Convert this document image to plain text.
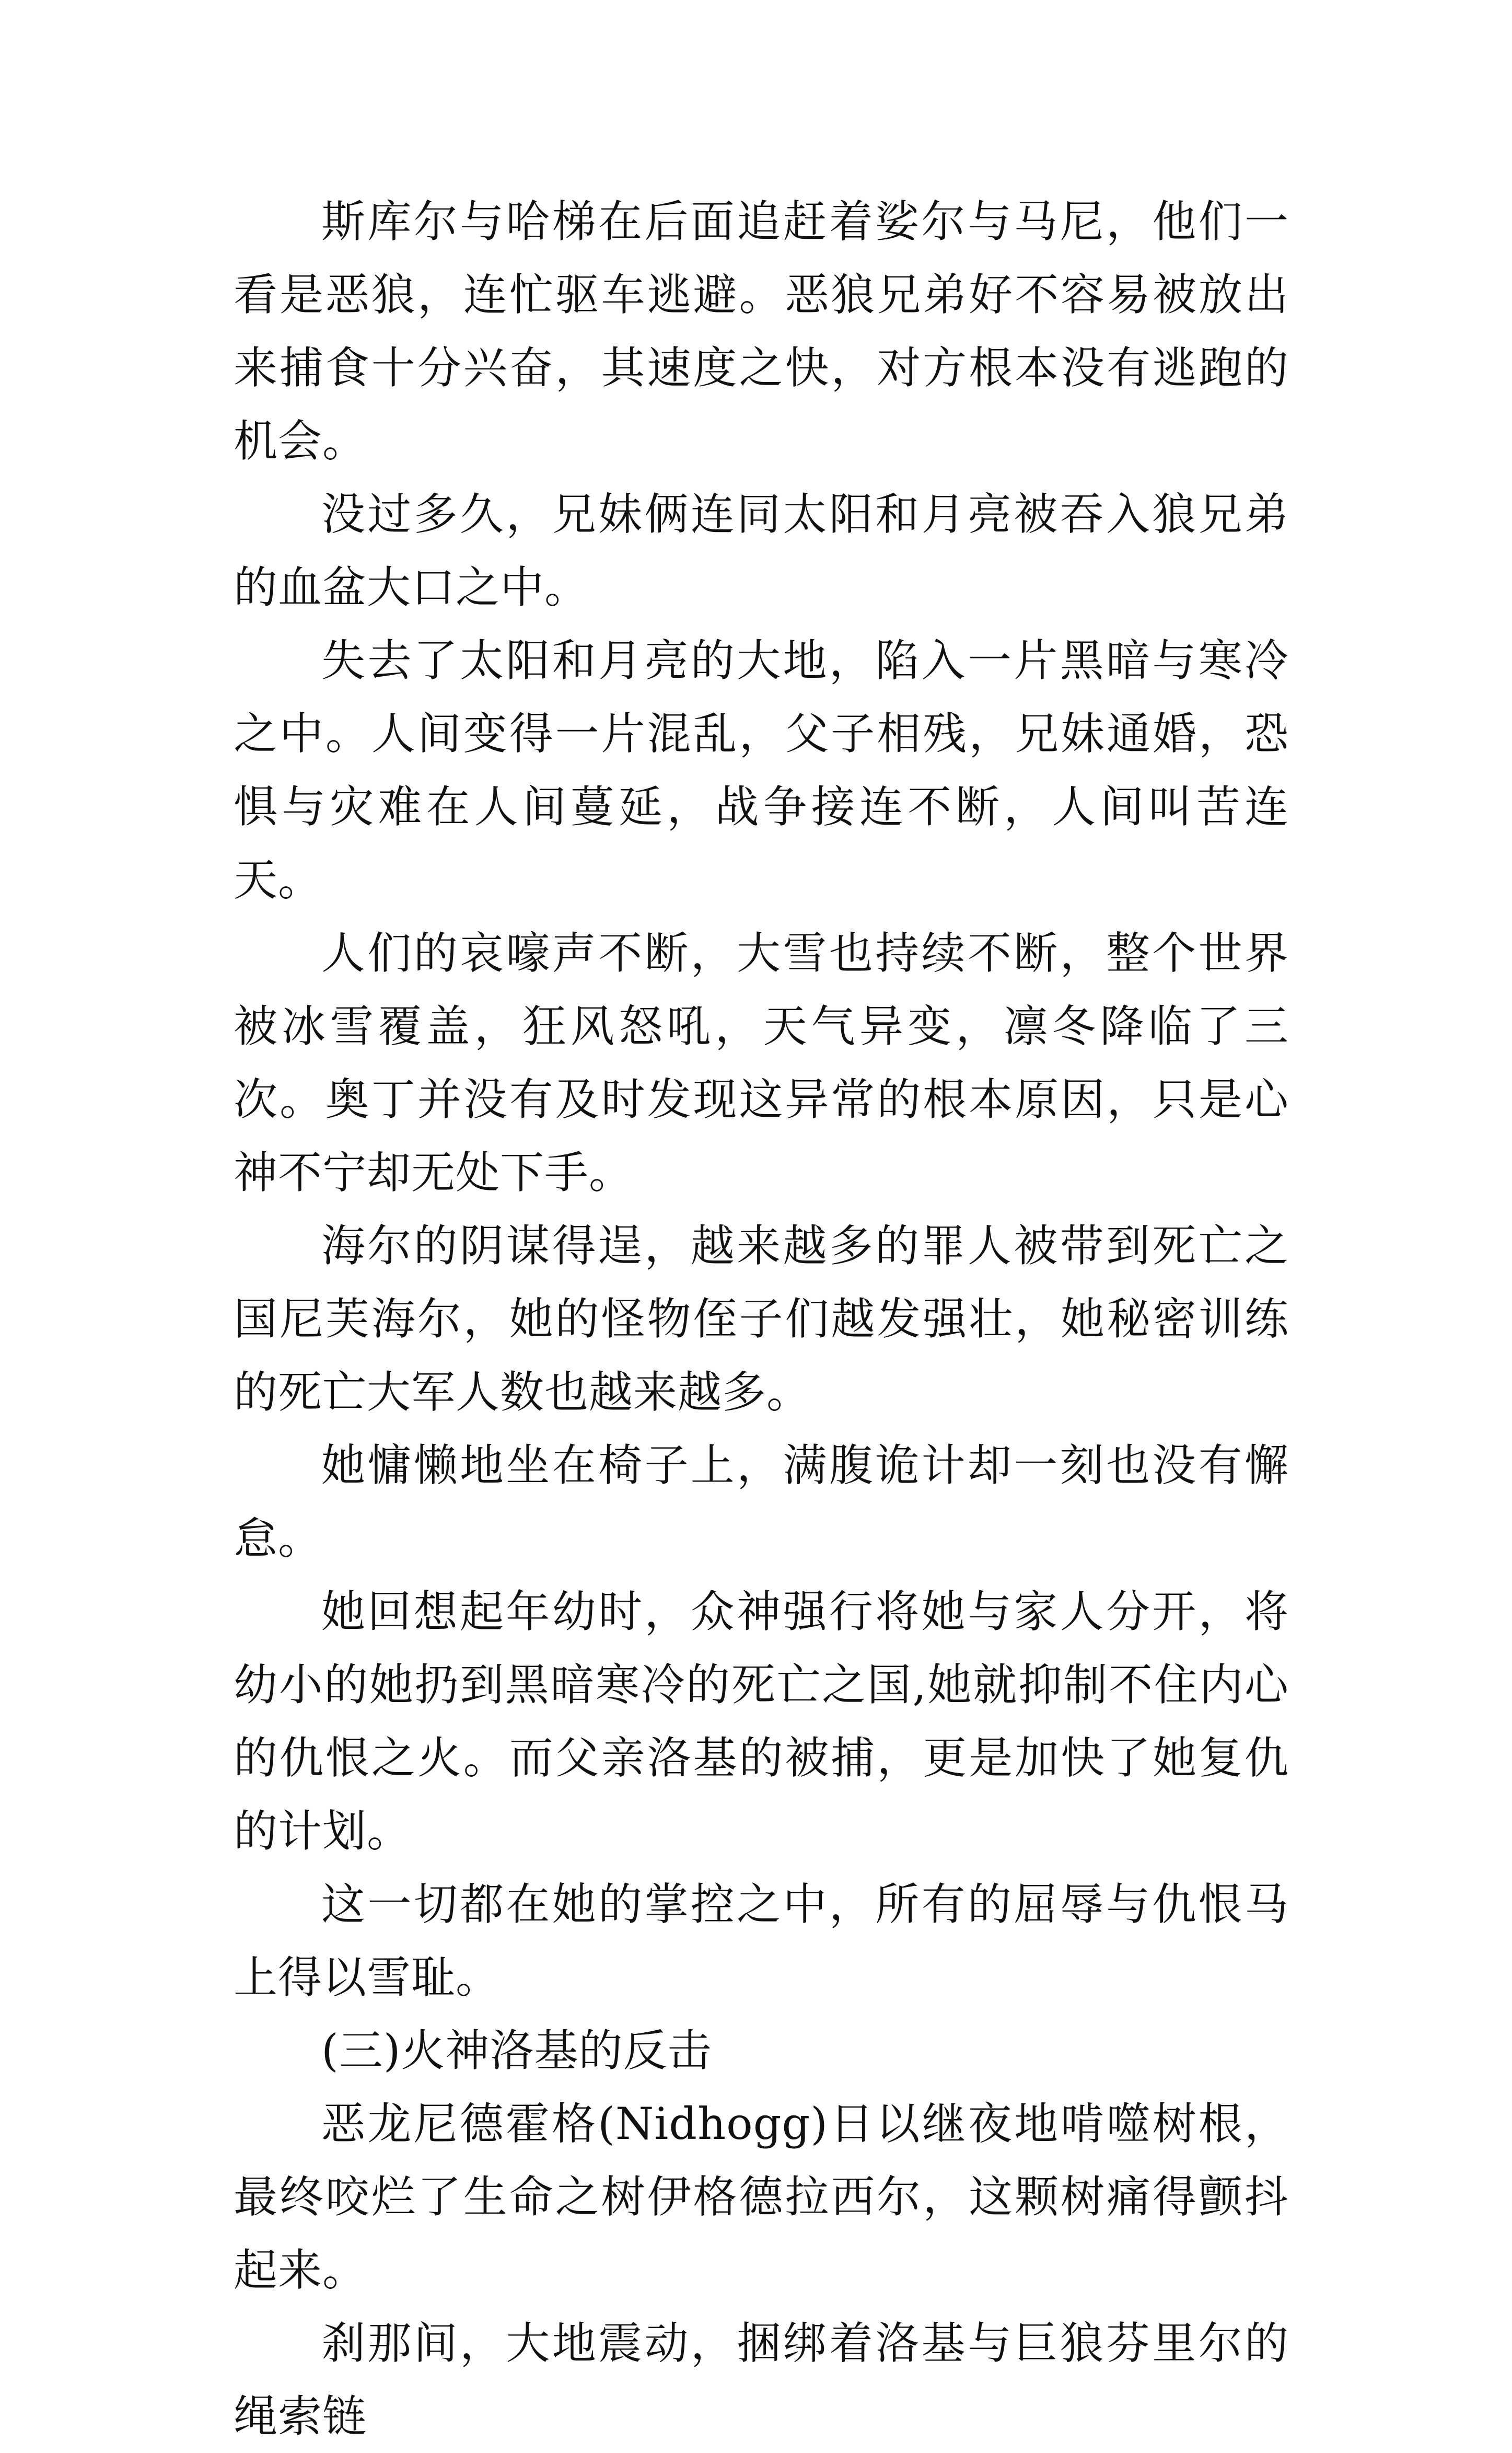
斯库尔与哈梯在后面追赶着娑尔与马尼，他们一看是恶狼，连忙驱车逃避。恶狼兄弟好不容易被放出来捕食十分兴奋，其速度之快，对方根本没有逃跑的机会。

没过多久，兄妹俩连同太阳和月亮被吞入狼兄弟的血盆大口之中。

失去了太阳和月亮的大地，陷入一片黑暗与寒冷之中。人间变得一片混乱，父子相残，兄妹通婚，恐惧与灾难在人间蔓延，战争接连不断，人间叫苦连天。

人们的哀嚎声不断，大雪也持续不断，整个世界被冰雪覆盖，狂风怒吼，天气异变，凛冬降临了三次。奥丁并没有及时发现这异常的根本原因，只是心神不宁却无处下手。

海尔的阴谋得逞，越来越多的罪人被带到死亡之国尼芙海尔，她的怪物侄子们越发强壮，她秘密训练的死亡大军人数也越来越多。

她慵懒地坐在椅子上，满腹诡计却一刻也没有懈怠。

她回想起年幼时，众神强行将她与家人分开，将幼小的她扔到黑暗寒冷的死亡之国,她就抑制不住内心的仇恨之火。而父亲洛基的被捕，更是加快了她复仇的计划。

这一切都在她的掌控之中，所有的屈辱与仇恨马上得以雪耻。

(三)火神洛基的反击

恶龙尼德霍格(Nidhogg)日以继夜地啃噬树根，最终咬烂了生命之树伊格德拉西尔，这颗树痛得颤抖起来。

刹那间，大地震动，捆绑着洛基与巨狼芬里尔的绳索链
